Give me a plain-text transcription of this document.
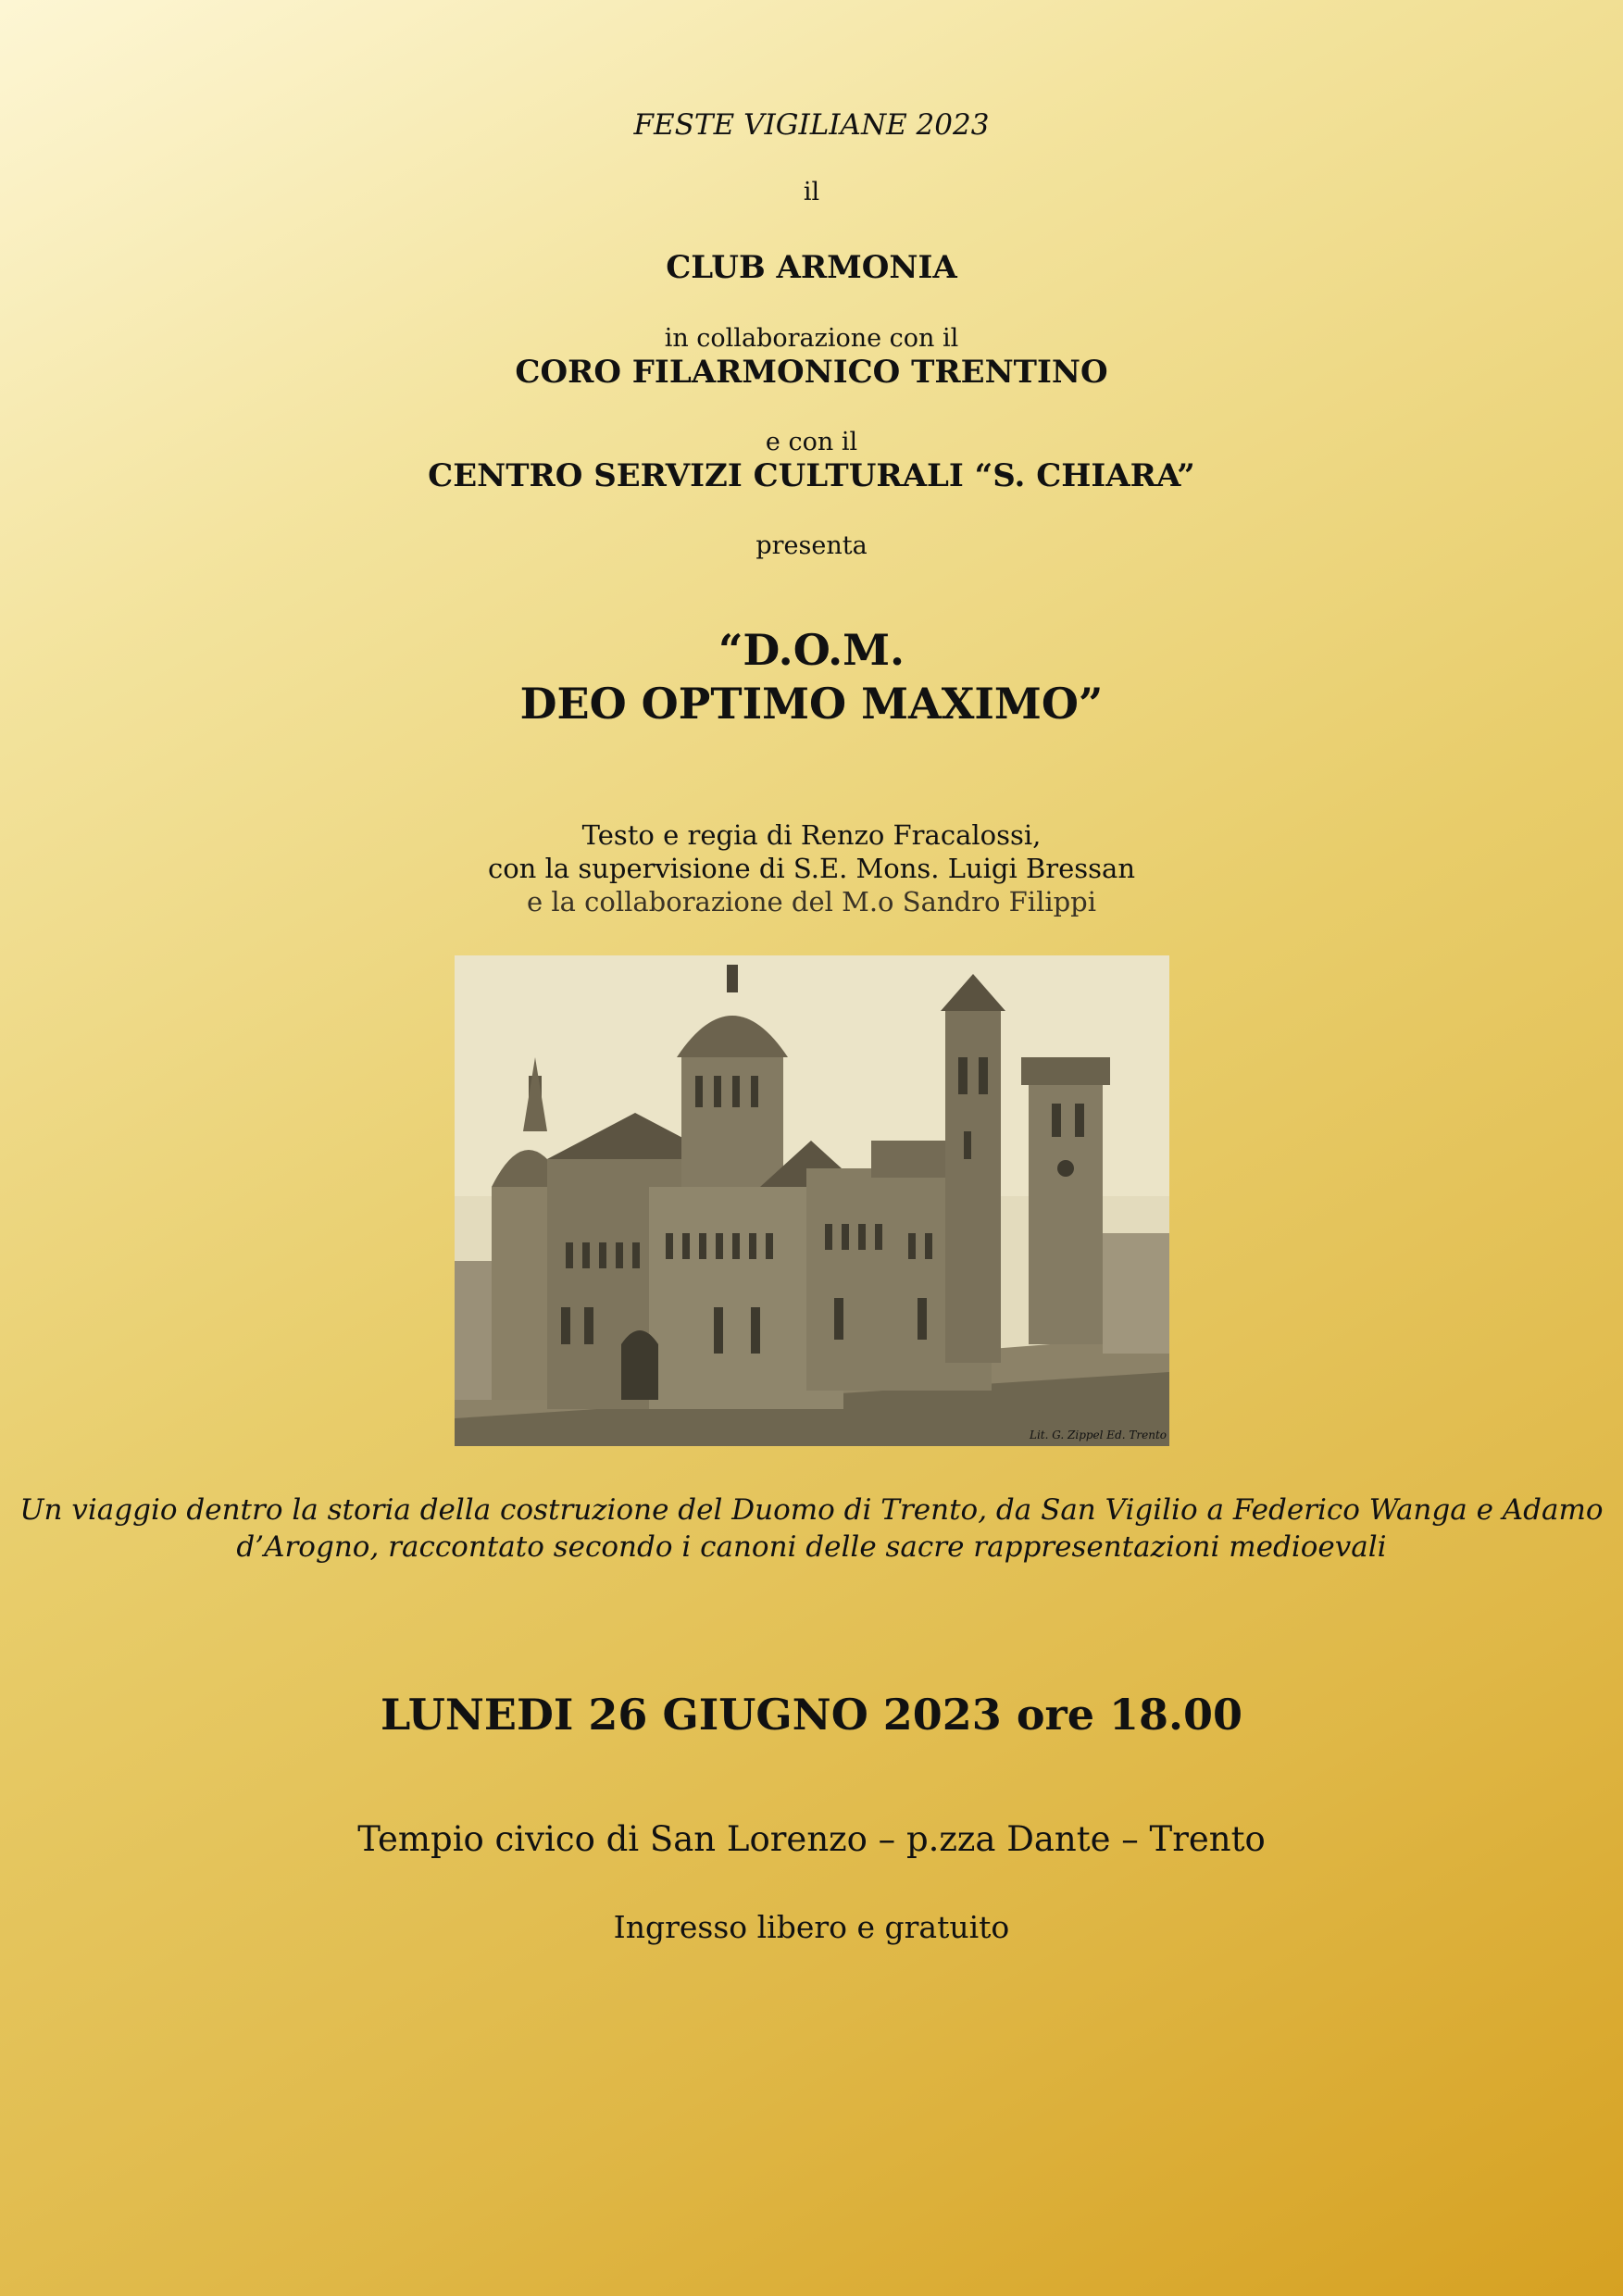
FESTE VIGILIANE 2023
il
CLUB ARMONIA
in collaborazione con il
CORO FILARMONICO TRENTINO
e con il
CENTRO SERVIZI CULTURALI “S. CHIARA”
presenta
“D.O.M.
DEO OPTIMO MAXIMO”
Testo e regia di Renzo Fracalossi,
con la supervisione di S.E. Mons. Luigi Bressan
e la collaborazione del M.o Sandro Filippi
Lit. G. Zippel Ed. Trento
Un viaggio dentro la storia della costruzione del Duomo di Trento, da San Vigilio a Federico Wanga e Adamo
d’Arogno, raccontato secondo i canoni delle sacre rappresentazioni medioevali
LUNEDI 26 GIUGNO 2023 ore 18.00
Tempio civico di San Lorenzo – p.zza Dante – Trento
Ingresso libero e gratuito
